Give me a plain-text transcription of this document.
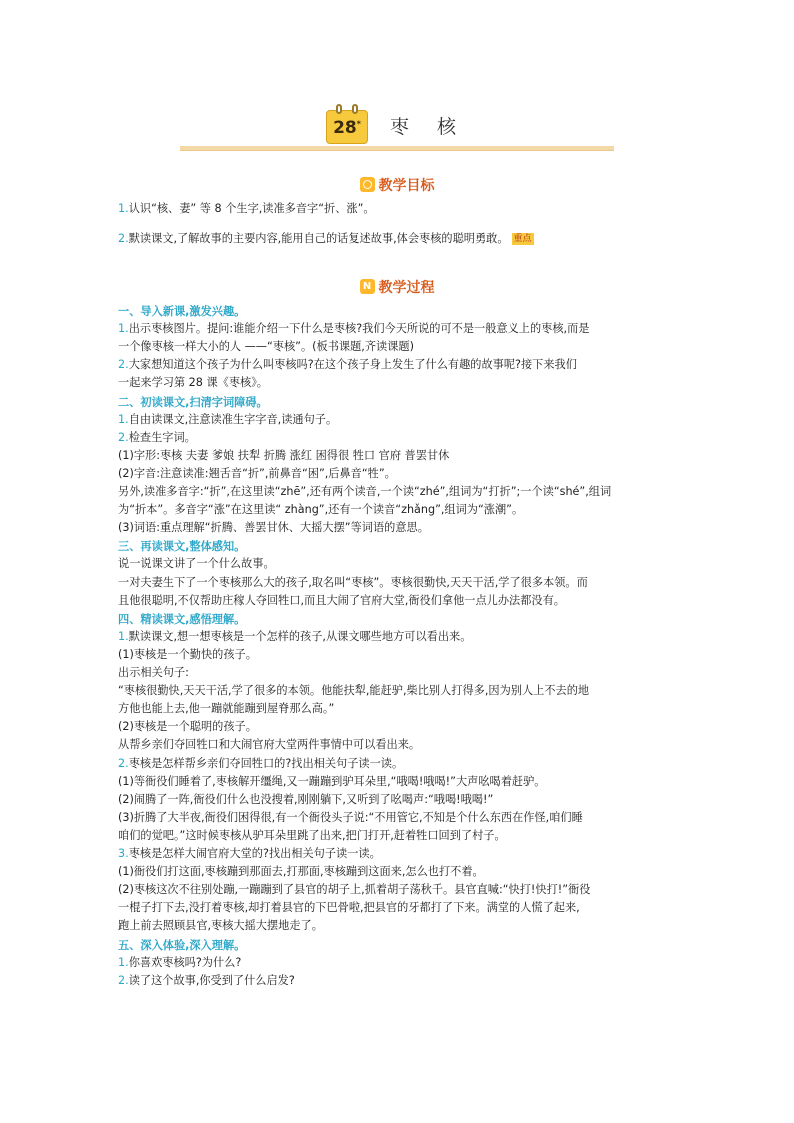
28*	枣核
教学目标
1.认识“核、妻” 等 8 个生字,读准多音字“折、涨”。
2.默读课文,了解故事的主要内容,能用自己的话复述故事,体会枣核的聪明勇敢。 重点
N教学过程
一、导入新课,激发兴趣。
1.出示枣核图片。提问:谁能介绍一下什么是枣核?我们今天所说的可不是一般意义上的枣核,而是
一个像枣核一样大小的人 ——“枣核”。(板书课题,齐读课题)
2.大家想知道这个孩子为什么叫枣核吗?在这个孩子身上发生了什么有趣的故事呢?接下来我们
一起来学习第 28 课《枣核》。
二、初读课文,扫清字词障碍。
1.自由读课文,注意读准生字字音,读通句子。
2.检查生字词。
(1)字形:枣核 夫妻 爹娘 扶犁 折腾 涨红 困得很 牲口 官府 普罢甘休
(2)字音:注意读准:翘舌音“折”,前鼻音“困”,后鼻音“牲”。
另外,读准多音字:“折”,在这里读“zhē”,还有两个读音,一个读“zhé”,组词为“打折”;一个读“shé”,组词
为“折本”。多音字“涨”在这里读“ zhàng”,还有一个读音“zhǎng”,组词为“涨潮”。
(3)词语:重点理解“折腾、善罢甘休、大摇大摆”等词语的意思。
三、再读课文,整体感知。
说一说课文讲了一个什么故事。
一对夫妻生下了一个枣核那么大的孩子,取名叫“枣核”。枣核很勤快,天天干活,学了很多本领。而
且他很聪明,不仅帮助庄稼人夺回牲口,而且大闹了官府大堂,衙役们拿他一点儿办法都没有。
四、精读课文,感悟理解。
1.默读课文,想一想枣核是一个怎样的孩子,从课文哪些地方可以看出来。
(1)枣核是一个勤快的孩子。
出示相关句子:
“枣核很勤快,天天干活,学了很多的本领。他能扶犁,能赶驴,柴比别人打得多,因为别人上不去的地
方他也能上去,他一蹦就能蹦到屋脊那么高。”
(2)枣核是一个聪明的孩子。
从帮乡亲们夺回牲口和大闹官府大堂两件事情中可以看出来。
2.枣核是怎样帮乡亲们夺回牲口的?找出相关句子读一读。
(1)等衙役们睡着了,枣核解开缰绳,又一蹦蹦到驴耳朵里,“哦喝!哦喝!”大声吆喝着赶驴。
(2)闹腾了一阵,衙役们什么也没搜着,刚刚躺下,又听到了吆喝声:“哦喝!哦喝!”
(3)折腾了大半夜,衙役们困得很,有一个衙役头子说:“不用管它,不知是个什么东西在作怪,咱们睡
咱们的觉吧。”这时候枣核从驴耳朵里跳了出来,把门打开,赶着牲口回到了村子。
3.枣核是怎样大闹官府大堂的?找出相关句子读一读。
(1)衙役们打这面,枣核蹦到那面去,打那面,枣核蹦到这面来,怎么也打不着。
(2)枣核这次不往别处蹦,一蹦蹦到了县官的胡子上,抓着胡子荡秋千。县官直喊:“快打!快打!”衙役
一棍子打下去,没打着枣核,却打着县官的下巴骨啦,把县官的牙都打了下来。满堂的人慌了起来,
跑上前去照顾县官,枣核大摇大摆地走了。
五、深入体验,深入理解。
1.你喜欢枣核吗?为什么?
2.读了这个故事,你受到了什么启发?
